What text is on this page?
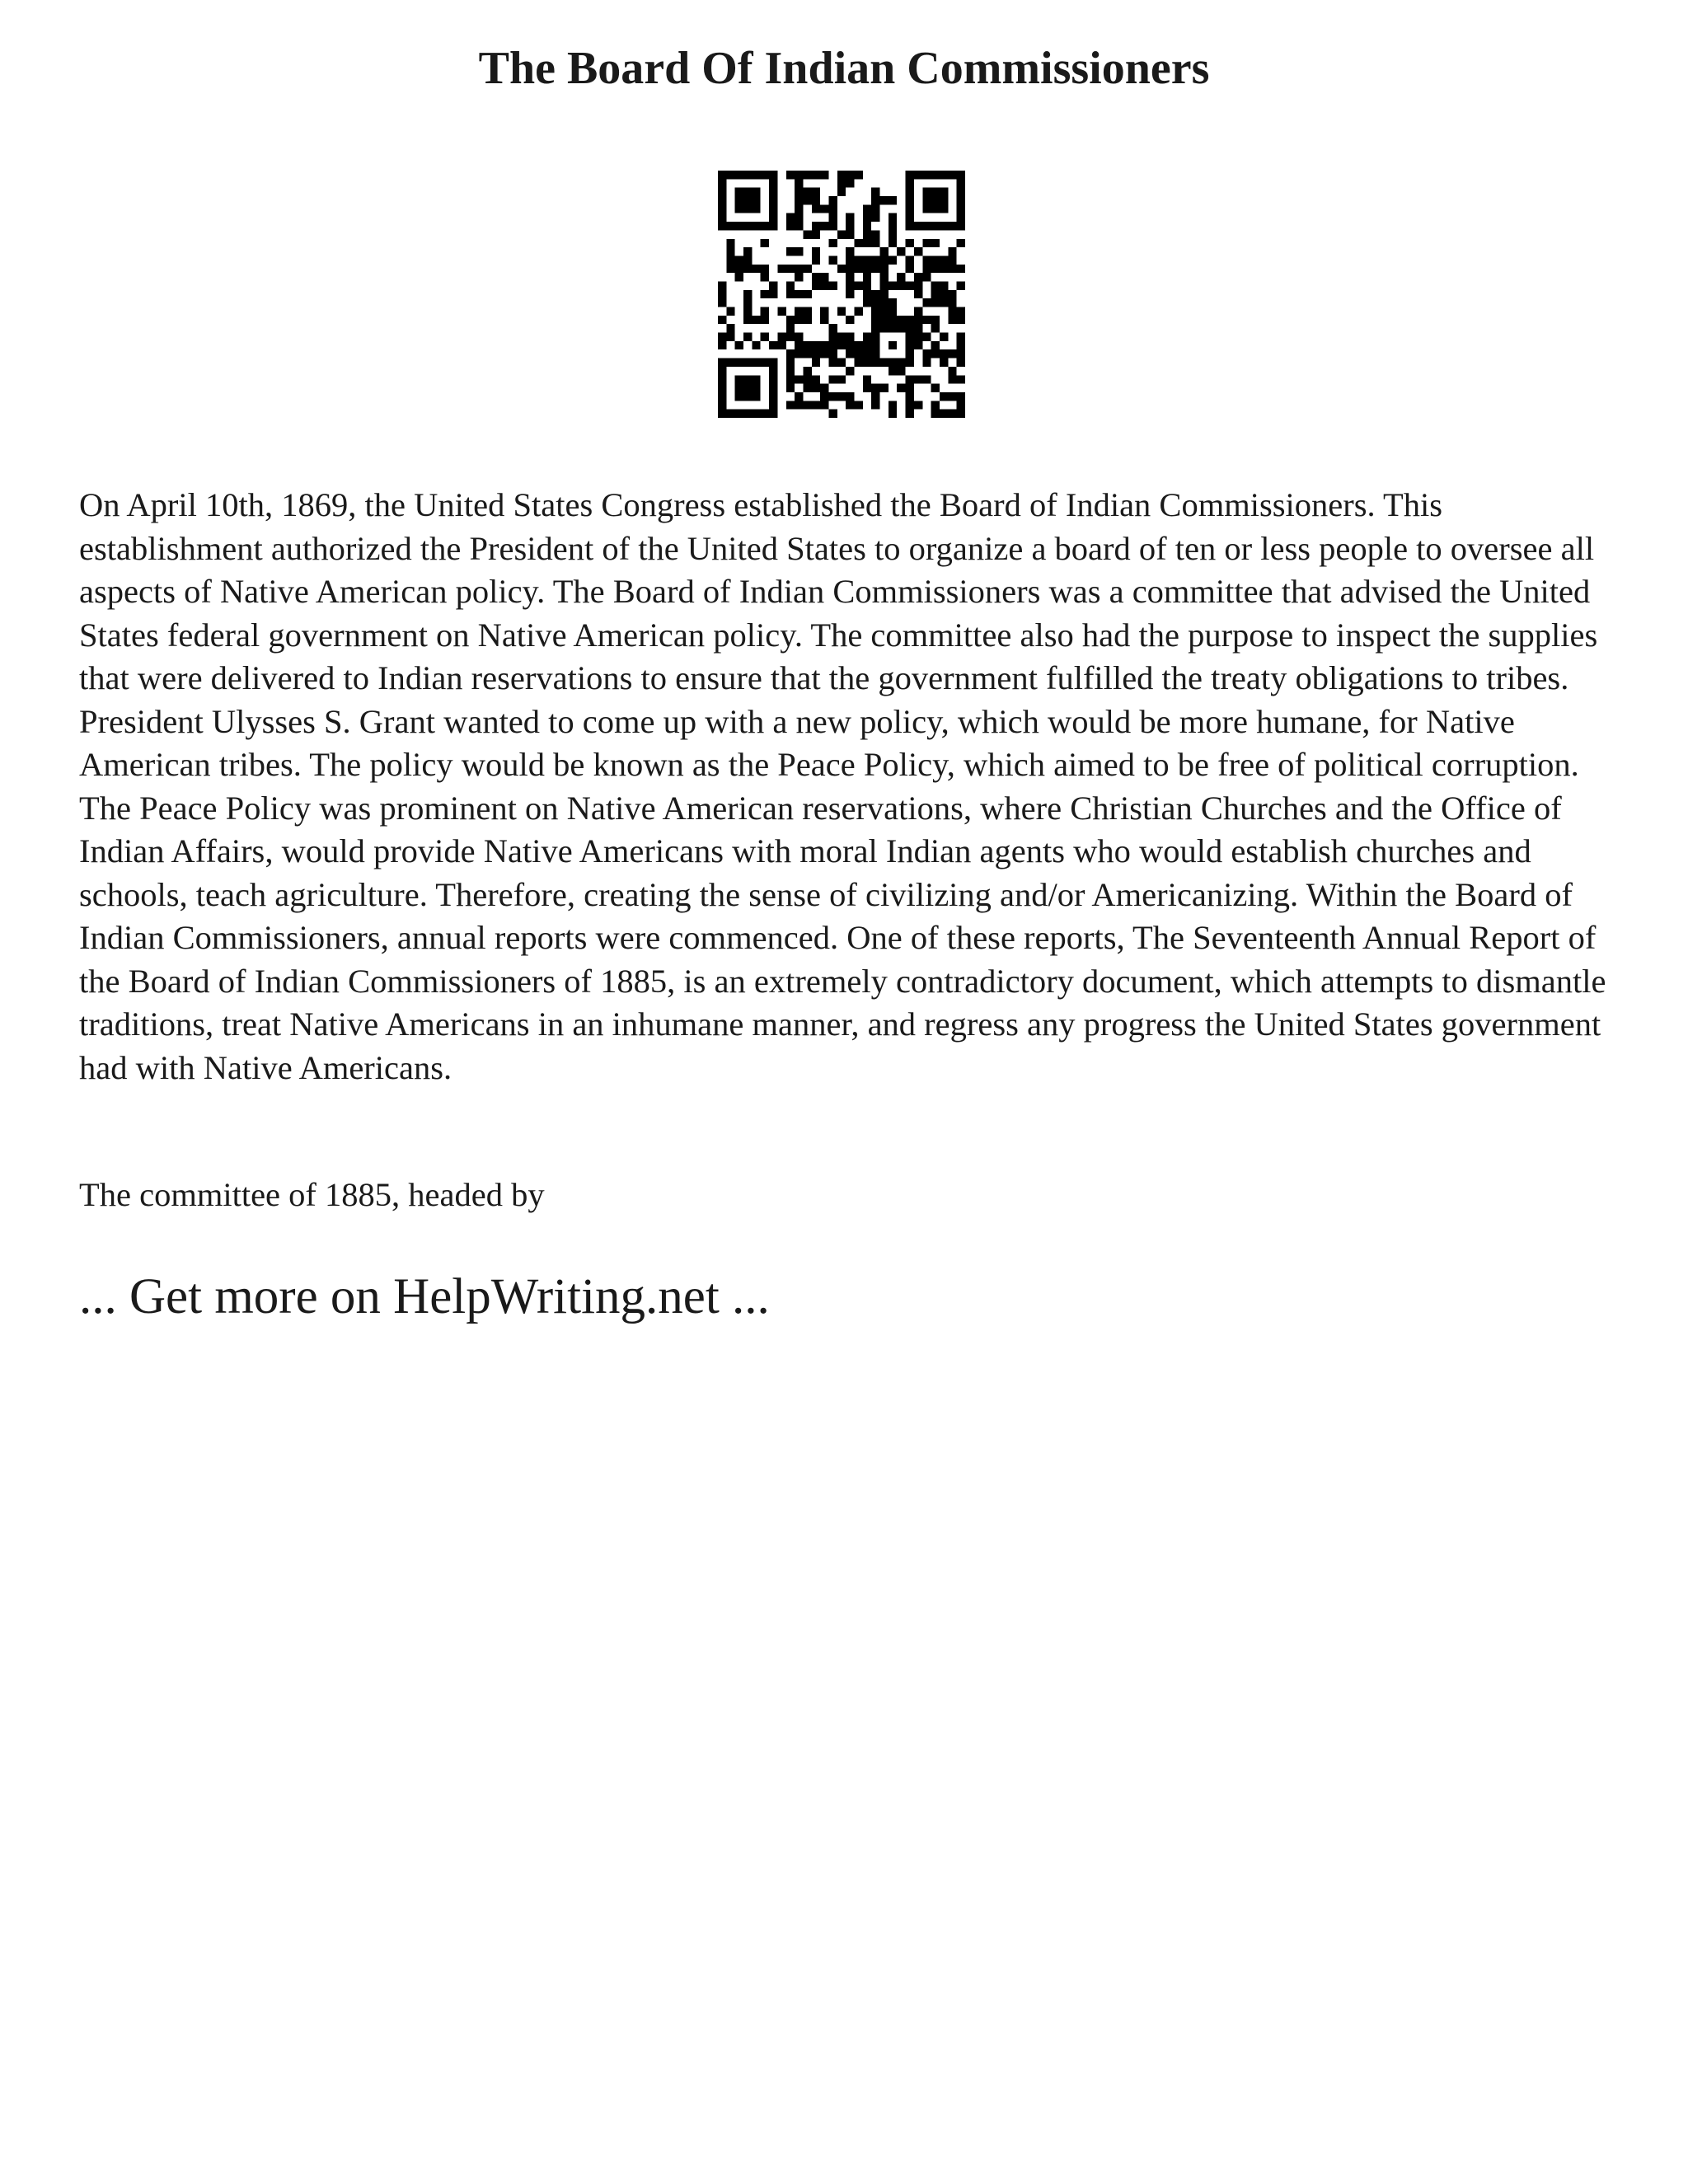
The Board Of Indian Commissioners

On April 10th, 1869, the United States Congress established the Board of Indian Commissioners. This establishment authorized the President of the United States to organize a board of ten or less people to oversee all aspects of Native American policy. The Board of Indian Commissioners was a committee that advised the United States federal government on Native American policy. The committee also had the purpose to inspect the supplies that were delivered to Indian reservations to ensure that the government fulfilled the treaty obligations to tribes. President Ulysses S. Grant wanted to come up with a new policy, which would be more humane, for Native American tribes. The policy would be known as the Peace Policy, which aimed to be free of political corruption. The Peace Policy was prominent on Native American reservations, where Christian Churches and the Office of Indian Affairs, would provide Native Americans with moral Indian agents who would establish churches and schools, teach agriculture. Therefore, creating the sense of civilizing and/or Americanizing. Within the Board of Indian Commissioners, annual reports were commenced. One of these reports, The Seventeenth Annual Report of the Board of Indian Commissioners of 1885, is an extremely contradictory document, which attempts to dismantle traditions, treat Native Americans in an inhumane manner, and regress any progress the United States government had with Native Americans.

The committee of 1885, headed by

... Get more on HelpWriting.net ...
